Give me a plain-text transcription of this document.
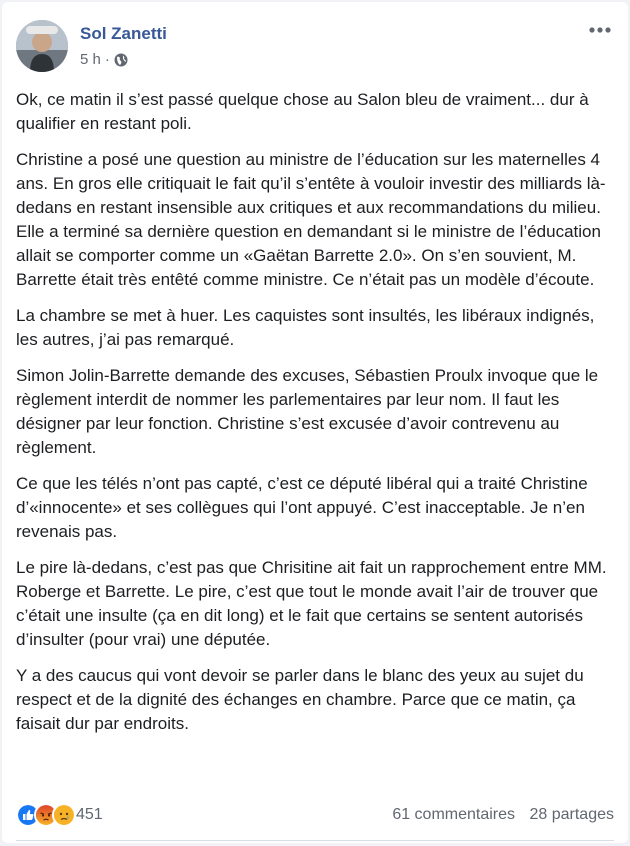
Sol Zanetti
5 h ·

Ok, ce matin il s’est passé quelque chose au Salon bleu de vraiment... dur à qualifier en restant poli.

Christine a posé une question au ministre de l’éducation sur les maternelles 4 ans. En gros elle critiquait le fait qu’il s’entête à vouloir investir des milliards là-dedans en restant insensible aux critiques et aux recommandations du milieu. Elle a terminé sa dernière question en demandant si le ministre de l’éducation allait se comporter comme un «Gaëtan Barrette 2.0». On s’en souvient, M. Barrette était très entêté comme ministre. Ce n’était pas un modèle d’écoute.

La chambre se met à huer. Les caquistes sont insultés, les libéraux indignés, les autres, j’ai pas remarqué.

Simon Jolin-Barrette demande des excuses, Sébastien Proulx invoque que le règlement interdit de nommer les parlementaires par leur nom. Il faut les désigner par leur fonction. Christine s’est excusée d’avoir contrevenu au règlement.

Ce que les télés n’ont pas capté, c’est ce député libéral qui a traité Christine d’«innocente» et ses collègues qui l’ont appuyé. C’est inacceptable. Je n’en revenais pas.

Le pire là-dedans, c’est pas que Chrisitine ait fait un rapprochement entre MM. Roberge et Barrette. Le pire, c’est que tout le monde avait l’air de trouver que c’était une insulte (ça en dit long) et le fait que certains se sentent autorisés d’insulter (pour vrai) une députée.

Y a des caucus qui vont devoir se parler dans le blanc des yeux au sujet du respect et de la dignité des échanges en chambre. Parce que ce matin, ça faisait dur par endroits.

451	61 commentaires 28 partages
